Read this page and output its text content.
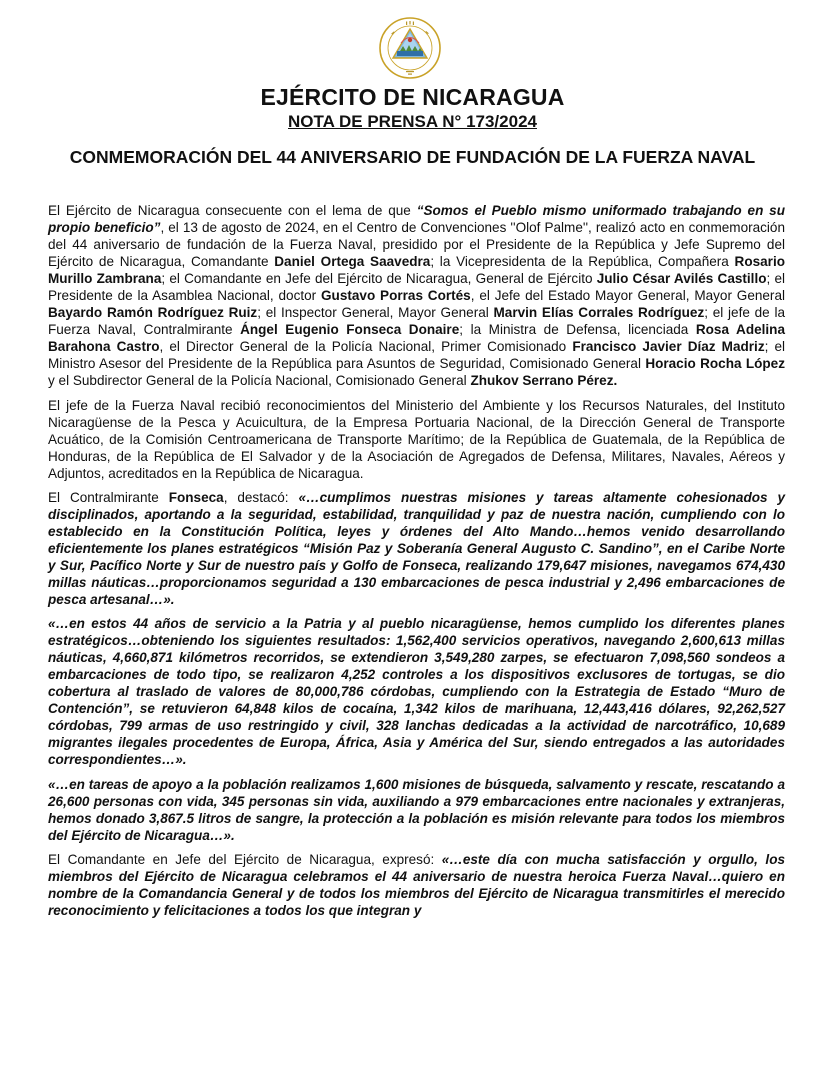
EJÉRCITO DE NICARAGUA
NOTA DE PRENSA N° 173/2024
CONMEMORACIÓN DEL 44 ANIVERSARIO DE FUNDACIÓN DE LA FUERZA NAVAL

El Ejército de Nicaragua consecuente con el lema de que “Somos el Pueblo mismo uniformado trabajando en su propio beneficio”, el 13 de agosto de 2024, en el Centro de Convenciones ''Olof Palme'', realizó acto en conmemoración del 44 aniversario de fundación de la Fuerza Naval, presidido por el Presidente de la República y Jefe Supremo del Ejército de Nicaragua, Comandante Daniel Ortega Saavedra; la Vicepresidenta de la República, Compañera Rosario Murillo Zambrana; el Comandante en Jefe del Ejército de Nicaragua, General de Ejército Julio César Avilés Castillo; el Presidente de la Asamblea Nacional, doctor Gustavo Porras Cortés, el Jefe del Estado Mayor General, Mayor General Bayardo Ramón Rodríguez Ruiz; el Inspector General, Mayor General Marvin Elías Corrales Rodríguez; el jefe de la Fuerza Naval, Contralmirante Ángel Eugenio Fonseca Donaire; la Ministra de Defensa, licenciada Rosa Adelina Barahona Castro, el Director General de la Policía Nacional, Primer Comisionado Francisco Javier Díaz Madriz; el Ministro Asesor del Presidente de la República para Asuntos de Seguridad, Comisionado General Horacio Rocha López y el Subdirector General de la Policía Nacional, Comisionado General Zhukov Serrano Pérez.

El jefe de la Fuerza Naval recibió reconocimientos del Ministerio del Ambiente y los Recursos Naturales, del Instituto Nicaragüense de la Pesca y Acuicultura, de la Empresa Portuaria Nacional, de la Dirección General de Transporte Acuático, de la Comisión Centroamericana de Transporte Marítimo; de la República de Guatemala, de la República de Honduras, de la República de El Salvador y de la Asociación de Agregados de Defensa, Militares, Navales, Aéreos y Adjuntos, acreditados en la República de Nicaragua.

El Contralmirante Fonseca, destacó: «…cumplimos nuestras misiones y tareas altamente cohesionados y disciplinados, aportando a la seguridad, estabilidad, tranquilidad y paz de nuestra nación, cumpliendo con lo establecido en la Constitución Política, leyes y órdenes del Alto Mando…hemos venido desarrollando eficientemente los planes estratégicos “Misión Paz y Soberanía General Augusto C. Sandino”, en el Caribe Norte y Sur, Pacífico Norte y Sur de nuestro país y Golfo de Fonseca, realizando 179,647 misiones, navegamos 674,430 millas náuticas…proporcionamos seguridad a 130 embarcaciones de pesca industrial y 2,496 embarcaciones de pesca artesanal…».

«…en estos 44 años de servicio a la Patria y al pueblo nicaragüense, hemos cumplido los diferentes planes estratégicos…obteniendo los siguientes resultados: 1,562,400 servicios operativos, navegando 2,600,613 millas náuticas, 4,660,871 kilómetros recorridos, se extendieron 3,549,280 zarpes, se efectuaron 7,098,560 sondeos a embarcaciones de todo tipo, se realizaron 4,252 controles a los dispositivos exclusores de tortugas, se dio cobertura al traslado de valores de 80,000,786 córdobas, cumpliendo con la Estrategia de Estado “Muro de Contención”, se retuvieron 64,848 kilos de cocaína, 1,342 kilos de marihuana, 12,443,416 dólares, 92,262,527 córdobas, 799 armas de uso restringido y civil, 328 lanchas dedicadas a la actividad de narcotráfico, 10,689 migrantes ilegales procedentes de Europa, África, Asia y América del Sur, siendo entregados a las autoridades correspondientes…».

«…en tareas de apoyo a la población realizamos 1,600 misiones de búsqueda, salvamento y rescate, rescatando a 26,600 personas con vida, 345 personas sin vida, auxiliando a 979 embarcaciones entre nacionales y extranjeras, hemos donado 3,867.5 litros de sangre, la protección a la población es misión relevante para todos los miembros del Ejército de Nicaragua…».

El Comandante en Jefe del Ejército de Nicaragua, expresó: «…este día con mucha satisfacción y orgullo, los miembros del Ejército de Nicaragua celebramos el 44 aniversario de nuestra heroica Fuerza Naval…quiero en nombre de la Comandancia General y de todos los miembros del Ejército de Nicaragua transmitirles el merecido reconocimiento y felicitaciones a todos los que integran y
